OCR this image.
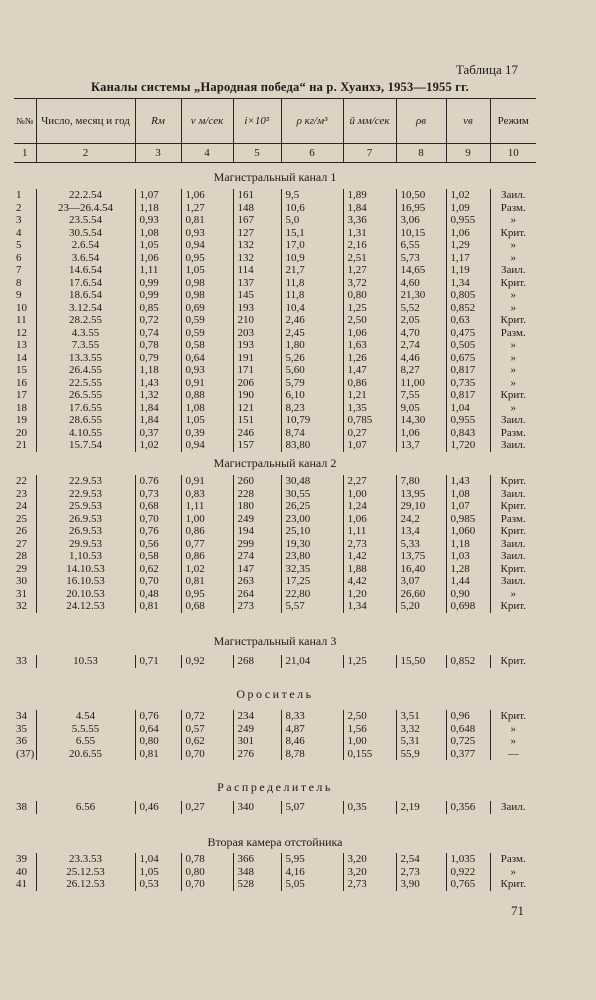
Таблица 17
Каналы системы „Народная победа“ на р. Хуанхэ, 1953—1955 гг.
№№	Число, месяц и год	Rм	v м/сек	i×10⁵	ρ кг/м³	ū мм/сек	ρв	vв	Режим
1	2	3	4	5	6	7	8	9	10
Магистральный канал 1
1	22.2.54	1,07	1,06	161	9,5	1,89	10,50	1,02	Заил.
2	23—26.4.54	1,18	1,27	148	10,6	1,84	16,95	1,09	Разм.
3	23.5.54	0,93	0,81	167	5,0	3,36	3,06	0,955	»
4	30.5.54	1,08	0,93	127	15,1	1,31	10,15	1,06	Крит.
5	2.6.54	1,05	0,94	132	17,0	2,16	6,55	1,29	»
6	3.6.54	1,06	0,95	132	10,9	2,51	5,73	1,17	»
7	14.6.54	1,11	1,05	114	21,7	1,27	14,65	1,19	Заил.
8	17.6.54	0,99	0,98	137	11,8	3,72	4,60	1,34	Крит.
9	18.6.54	0,99	0,98	145	11,8	0,80	21,30	0,805	»
10	3.12.54	0,85	0,69	193	10,4	1,25	5,52	0,852	»
11	28.2.55	0,72	0,59	210	2,46	2,50	2,05	0,63	Крит.
12	4.3.55	0,74	0,59	203	2,45	1,06	4,70	0,475	Разм.
13	7.3.55	0,78	0,58	193	1,80	1,63	2,74	0,505	»
14	13.3.55	0,79	0,64	191	5,26	1,26	4,46	0,675	»
15	26.4.55	1,18	0,93	171	5,60	1,47	8,27	0,817	»
16	22.5.55	1,43	0,91	206	5,79	0,86	11,00	0,735	»
17	26.5.55	1,32	0,88	190	6,10	1,21	7,55	0,817	Крит.
18	17.6.55	1,84	1,08	121	8,23	1,35	9,05	1,04	»
19	28.6.55	1,84	1,05	151	10,79	0,785	14,30	0,955	Заил.
20	4.10.55	0,37	0,39	246	8,74	0,27	1,06	0,843	Разм.
21	15.7.54	1,02	0,94	157	83,80	1,07	13,7	1,720	Заил.
Магистральный канал 2
22	22.9.53	0.76	0,91	260	30,48	2,27	7,80	1,43	Крит.
23	22.9.53	0,73	0,83	228	30,55	1,00	13,95	1,08	Заил.
24	25.9.53	0,68	1,11	180	26,25	1,24	29,10	1,07	Крит.
25	26.9.53	0,70	1,00	249	23,00	1,06	24,2	0,985	Разм.
26	26.9.53	0,76	0,86	194	25,10	1,11	13,4	1,060	Крит.
27	29.9.53	0,56	0,77	299	19,30	2,73	5,33	1,18	Заил.
28	1,10.53	0,58	0,86	274	23,80	1,42	13,75	1,03	Заил.
29	14.10.53	0,62	1,02	147	32,35	1,88	16,40	1,28	Крит.
30	16.10.53	0,70	0,81	263	17,25	4,42	3,07	1,44	Заил.
31	20.10.53	0,48	0,95	264	22,80	1,20	26,60	0,90	»
32	24.12.53	0,81	0,68	273	5,57	1,34	5,20	0,698	Крит.
Магистральный канал 3
33	10.53	0,71	0,92	268	21,04	1,25	15,50	0,852	Крит.
Ороситель
34	4.54	0,76	0,72	234	8,33	2,50	3,51	0,96	Крит.
35	5.5.55	0,64	0,57	249	4,87	1,56	3,32	0,648	»
36	6.55	0,80	0,62	301	8,46	1,00	5,31	0,725	»
(37)	20.6.55	0,81	0,70	276	8,78	0,155	55,9	0,377	—
Распределитель
38	6.56	0,46	0,27	340	5,07	0,35	2,19	0,356	Заил.
Вторая камера отстойника
39	23.3.53	1,04	0,78	366	5,95	3,20	2,54	1,035	Разм.
40	25.12.53	1,05	0,80	348	4,16	3,20	2,73	0,922	»
41	26.12.53	0,53	0,70	528	5,05	2,73	3,90	0,765	Крит.
71
